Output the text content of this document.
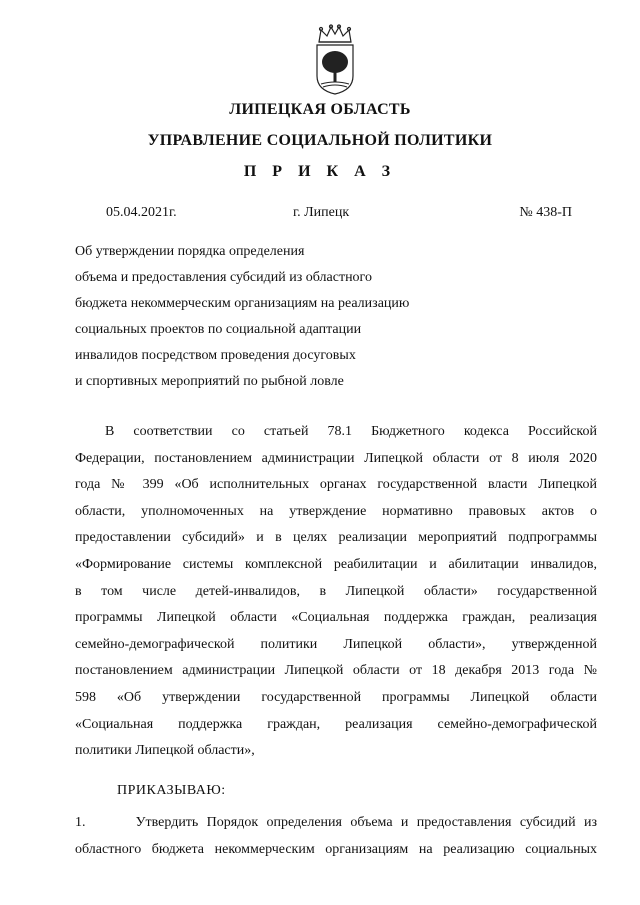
ЛИПЕЦКАЯ ОБЛАСТЬ
УПРАВЛЕНИЕ СОЦИАЛЬНОЙ ПОЛИТИКИ
П Р И К А З
05.04.2021г.	г. Липецк	№ 438-П
Об утверждении порядка определения
объема и предоставления субсидий из областного
бюджета некоммерческим организациям на реализацию
социальных проектов по социальной адаптации
инвалидов посредством проведения досуговых
и спортивных мероприятий по рыбной ловле
В соответствии со статьей 78.1 Бюджетного кодекса Российской
Федерации, постановлением администрации Липецкой области от 8 июля 2020
года № 399 «Об исполнительных органах государственной власти Липецкой
области, уполномоченных на утверждение нормативно правовых актов о
предоставлении субсидий» и в целях реализации мероприятий подпрограммы
«Формирование системы комплексной реабилитации и абилитации инвалидов,
в том числе детей-инвалидов, в Липецкой области» государственной
программы Липецкой области «Социальная поддержка граждан, реализация
семейно-демографической политики Липецкой области», утвержденной
постановлением администрации Липецкой области от 18 декабря 2013 года №
598 «Об утверждении государственной программы Липецкой области
«Социальная поддержка граждан, реализация семейно-демографической
политики Липецкой области»,
ПРИКАЗЫВАЮ:
1.      Утвердить Порядок определения объема и предоставления субсидий из
областного бюджета некоммерческим организациям на реализацию социальных
